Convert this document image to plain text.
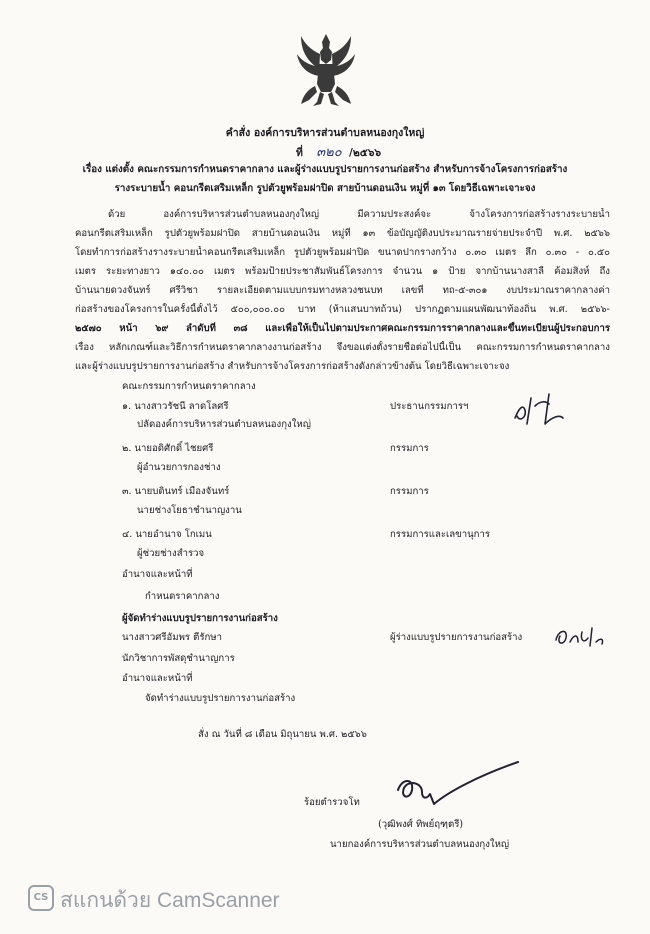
คำสั่ง องค์การบริหารส่วนตำบลหนองกุงใหญ่
ที่ ๓๒๐ /๒๕๖๖
เรื่อง แต่งตั้ง คณะกรรมการกำหนดราคากลาง และผู้ร่างแบบรูปรายการงานก่อสร้าง สำหรับการจ้างโครงการก่อสร้าง
รางระบายน้ำ คอนกรีตเสริมเหล็ก รูปตัวยูพร้อมฝาปิด สายบ้านดอนเงิน หมู่ที่ ๑๓ โดยวิธีเฉพาะเจาะจง
ด้วย องค์การบริหารส่วนตำบลหนองกุงใหญ่ มีความประสงค์จะ จ้างโครงการก่อสร้างรางระบายน้ำ
คอนกรีตเสริมเหล็ก รูปตัวยูพร้อมฝาปิด สายบ้านดอนเงิน หมู่ที่ ๑๓ ข้อบัญญัติงบประมาณรายจ่ายประจำปี พ.ศ. ๒๕๖๖
โดยทำการก่อสร้างรางระบายน้ำคอนกรีตเสริมเหล็ก รูปตัวยูพร้อมฝาปิด ขนาดปากรางกว้าง ๐.๓๐ เมตร ลึก ๐.๓๐ - ๐.๕๐
เมตร ระยะทางยาว ๑๔๐.๐๐ เมตร พร้อมป้ายประชาสัมพันธ์โครงการ จำนวน ๑ ป้าย จากบ้านนางสาลี ค้อมสิงห์ ถึง
บ้านนายดวงจันทร์ ศรีวิชา รายละเอียดตามแบบกรมทางหลวงชนบท เลขที่ ทถ-๕-๓๐๑ งบประมาณราคากลางค่า
ก่อสร้างของโครงการในครั้งนี้ตั้งไว้ ๕๐๐,๐๐๐.๐๐ บาท (ห้าแสนบาทถ้วน) ปรากฏตามแผนพัฒนาท้องถิ่น พ.ศ. ๒๕๖๖-
๒๕๗๐ หน้า ๖๙ ลำดับที่ ๓๘ และเพื่อให้เป็นไปตามประกาศคณะกรรมการราคากลางและขึ้นทะเบียนผู้ประกอบการ
เรื่อง หลักเกณฑ์และวิธีการกำหนดราคากลางงานก่อสร้าง จึงขอแต่งตั้งรายชื่อต่อไปนี้เป็น คณะกรรมการกำหนดราคากลาง
และผู้ร่างแบบรูปรายการงานก่อสร้าง สำหรับการจ้างโครงการก่อสร้างดังกล่าวข้างต้น โดยวิธีเฉพาะเจาะจง
คณะกรรมการกำหนดราคากลาง
๑. นางสาวรัชนี ลาดโลศรี	ประธานกรรมการฯ
ปลัดองค์การบริหารส่วนตำบลหนองกุงใหญ่
๒. นายอดิศักดิ์ ไชยศรี	กรรมการ
ผู้อำนวยการกองช่าง
๓. นายบดินทร์ เมืองจันทร์	กรรมการ
นายช่างโยธาชำนาญงาน
๔. นายอำนาจ โกเมน	กรรมการและเลขานุการ
ผู้ช่วยช่างสำรวจ
อำนาจและหน้าที่
กำหนดราคากลาง
ผู้จัดทำร่างแบบรูปรายการงานก่อสร้าง
นางสาวศรีอัมพร ตีรักษา	ผู้ร่างแบบรูปรายการงานก่อสร้าง
นักวิชาการพัสดุชำนาญการ
อำนาจและหน้าที่
จัดทำร่างแบบรูปรายการงานก่อสร้าง
สั่ง ณ วันที่ ๘ เดือน มิถุนายน พ.ศ. ๒๕๖๖
ร้อยตำรวจโท
(วุฒิพงศ์ ทิพย์ฤฑฺตรี)
นายกองค์การบริหารส่วนตำบลหนองกุงใหญ่
CS สแกนด้วย CamScanner
